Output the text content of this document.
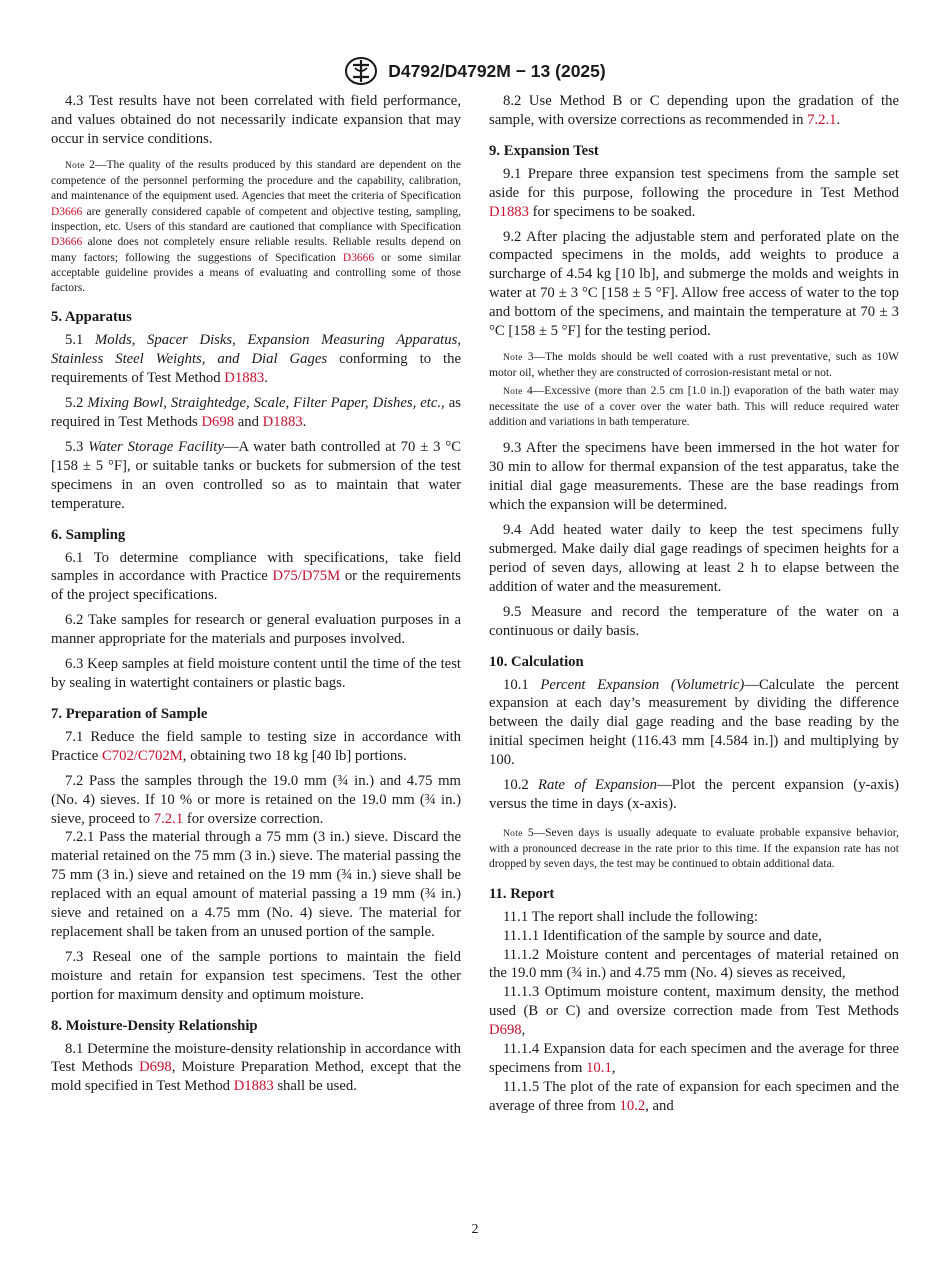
D4792/D4792M − 13 (2025)

4.3 Test results have not been correlated with field performance, and values obtained do not necessarily indicate expansion that may occur in service conditions.

Note 2—The quality of the results produced by this standard are dependent on the competence of the personnel performing the procedure and the capability, calibration, and maintenance of the equipment used. Agencies that meet the criteria of Specification D3666 are generally considered capable of competent and objective testing, sampling, inspection, etc. Users of this standard are cautioned that compliance with Specification D3666 alone does not completely ensure reliable results. Reliable results depend on many factors; following the suggestions of Specification D3666 or some similar acceptable guideline provides a means of evaluating and controlling some of those factors.
5. Apparatus

5.1 Molds, Spacer Disks, Expansion Measuring Apparatus, Stainless Steel Weights, and Dial Gages conforming to the requirements of Test Method D1883.

5.2 Mixing Bowl, Straightedge, Scale, Filter Paper, Dishes, etc., as required in Test Methods D698 and D1883.

5.3 Water Storage Facility—A water bath controlled at 70 ± 3 °C [158 ± 5 °F], or suitable tanks or buckets for submersion of the test specimens in an oven controlled so as to maintain that water temperature.

6. Sampling

6.1 To determine compliance with specifications, take field samples in accordance with Practice D75/D75M or the requirements of the project specifications.

6.2 Take samples for research or general evaluation purposes in a manner appropriate for the materials and purposes involved.

6.3 Keep samples at field moisture content until the time of the test by sealing in watertight containers or plastic bags.

7. Preparation of Sample

7.1 Reduce the field sample to testing size in accordance with Practice C702/C702M, obtaining two 18 kg [40 lb] portions.

7.2 Pass the samples through the 19.0 mm (¾ in.) and 4.75 mm (No. 4) sieves. If 10 % or more is retained on the 19.0 mm (¾ in.) sieve, proceed to 7.2.1 for oversize correction.

7.2.1 Pass the material through a 75 mm (3 in.) sieve. Discard the material retained on the 75 mm (3 in.) sieve. The material passing the 75 mm (3 in.) sieve and retained on the 19 mm (¾ in.) sieve shall be replaced with an equal amount of material passing a 19 mm (¾ in.) sieve and retained on a 4.75 mm (No. 4) sieve. The material for replacement shall be taken from an unused portion of the sample.

7.3 Reseal one of the sample portions to maintain the field moisture and retain for expansion test specimens. Test the other portion for maximum density and optimum moisture.

8. Moisture-Density Relationship

8.1 Determine the moisture-density relationship in accordance with Test Methods D698, Moisture Preparation Method, except that the mold specified in Test Method D1883 shall be used.

8.2 Use Method B or C depending upon the gradation of the sample, with oversize corrections as recommended in 7.2.1.

9. Expansion Test

9.1 Prepare three expansion test specimens from the sample set aside for this purpose, following the procedure in Test Method D1883 for specimens to be soaked.

9.2 After placing the adjustable stem and perforated plate on the compacted specimens in the molds, add weights to produce a surcharge of 4.54 kg [10 lb], and submerge the molds and weights in water at 70 ± 3 °C [158 ± 5 °F]. Allow free access of water to the top and bottom of the specimens, and maintain the temperature at 70 ± 3 °C [158 ± 5 °F] for the testing period.

Note 3—The molds should be well coated with a rust preventative, such as 10W motor oil, whether they are constructed of corrosion-resistant metal or not.
Note 4—Excessive (more than 2.5 cm [1.0 in.]) evaporation of the bath water may necessitate the use of a cover over the water bath. This will reduce required water addition and variations in bath temperature.

9.3 After the specimens have been immersed in the hot water for 30 min to allow for thermal expansion of the test apparatus, take the initial dial gage measurements. These are the base readings from which the expansion will be determined.

9.4 Add heated water daily to keep the test specimens fully submerged. Make daily dial gage readings of specimen heights for a period of seven days, allowing at least 2 h to elapse between the addition of water and the measurement.

9.5 Measure and record the temperature of the water on a continuous or daily basis.

10. Calculation

10.1 Percent Expansion (Volumetric)—Calculate the percent expansion at each day’s measurement by dividing the difference between the daily dial gage reading and the base reading by the initial specimen height (116.43 mm [4.584 in.]) and multiplying by 100.

10.2 Rate of Expansion—Plot the percent expansion (y-axis) versus the time in days (x-axis).

Note 5—Seven days is usually adequate to evaluate probable expansive behavior, with a pronounced decrease in the rate prior to this time. If the expansion rate has not dropped by seven days, the test may be continued to obtain additional data.
11. Report

11.1 The report shall include the following:

11.1.1 Identification of the sample by source and date,

11.1.2 Moisture content and percentages of material retained on the 19.0 mm (¾ in.) and 4.75 mm (No. 4) sieves as received,

11.1.3 Optimum moisture content, maximum density, the method used (B or C) and oversize correction made from Test Methods D698,

11.1.4 Expansion data for each specimen and the average for three specimens from 10.1,

11.1.5 The plot of the rate of expansion for each specimen and the average of three from 10.2, and

2
